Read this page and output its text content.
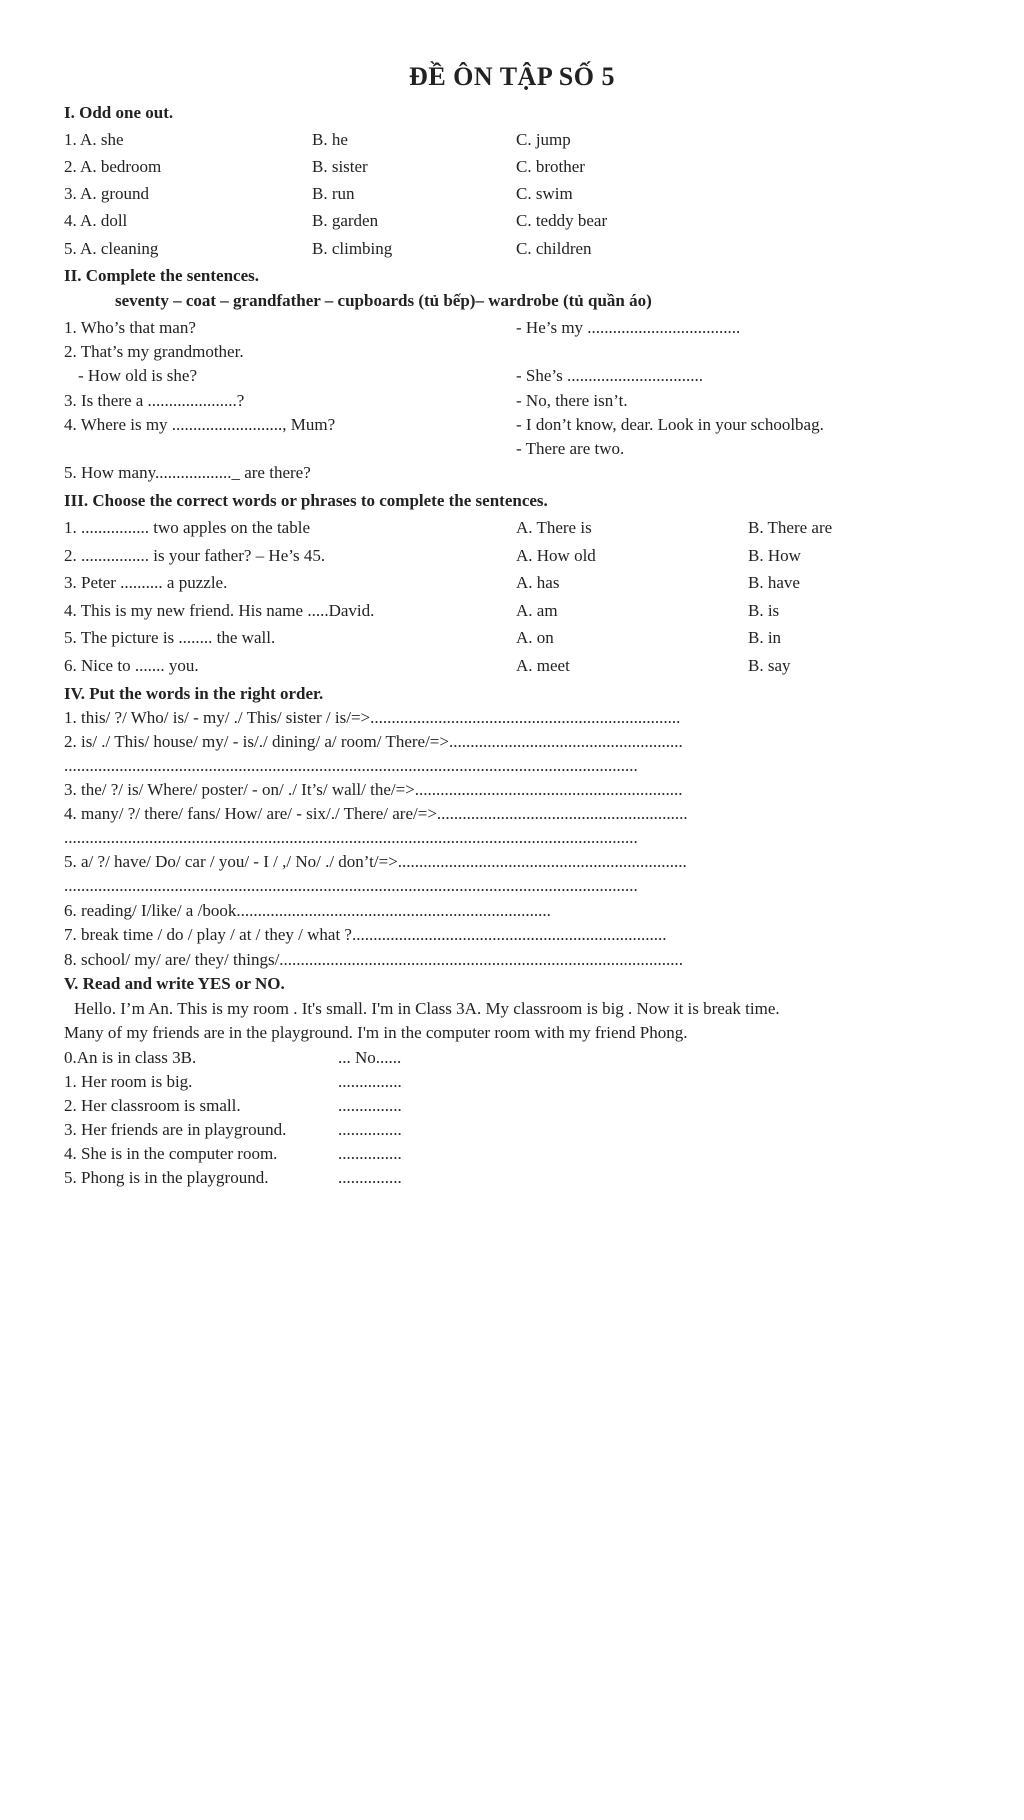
ĐỀ ÔN TẬP SỐ 5
I. Odd one out.
1. A. she	B. he	C. jump
2. A. bedroom	B. sister	C. brother
3. A. ground	B. run	C. swim
4. A. doll	B. garden	C. teddy bear
5. A. cleaning	B. climbing	C. children
II. Complete the sentences.
seventy – coat – grandfather – cupboards (tủ bếp)– wardrobe (tủ quần áo)
1. Who’s that man?	- He’s my ....................................
2. That’s my grandmother.
- How old is she?	- She’s ................................
3. Is there a .....................?	- No, there isn’t.
4. Where is my .........................., Mum?	- I don’t know, dear. Look in your schoolbag.
- There are two.
5. How many.................._ are there?
III. Choose the correct words or phrases to complete the sentences.
1. ................ two apples on the table	A. There is	B. There are
2. ................ is your father? – He’s 45.	A. How old	B. How
3. Peter .......... a puzzle.	A. has	B. have
4. This is my new friend. His name .....David.	A. am	B. is
5. The picture is ........ the wall.	A. on	B. in
6. Nice to ....... you.	A. meet	B. say
IV. Put the words in the right order.
1. this/ ?/ Who/ is/ - my/ ./ This/ sister / is/=>.........................................................................
2. is/ ./ This/ house/ my/ - is/./ dining/ a/ room/ There/=>.......................................................
.......................................................................................................................................
3. the/ ?/ is/ Where/ poster/ - on/ ./ It’s/ wall/ the/=>...............................................................
4. many/ ?/ there/ fans/ How/ are/ - six/./ There/ are/=>...........................................................
.......................................................................................................................................
5. a/ ?/ have/ Do/ car / you/ - I / ,/ No/ ./ don’t/=>....................................................................
.......................................................................................................................................
6. reading/ I/like/ a /book..........................................................................
7. break time / do / play / at / they / what ?..........................................................................
8. school/ my/ are/ they/ things/...............................................................................................
V. Read and write YES or NO.
Hello. I’m An. This is my room . It's small. I'm in Class 3A. My classroom is big . Now it is break time.
Many of my friends are in the playground. I'm in the computer room with my friend Phong.
0.An is in class 3B.	... No......
1. Her room is big.	...............
2. Her classroom is small.	...............
3. Her friends are in playground.	...............
4. She is in the computer room.	...............
5. Phong is in the playground.	...............
